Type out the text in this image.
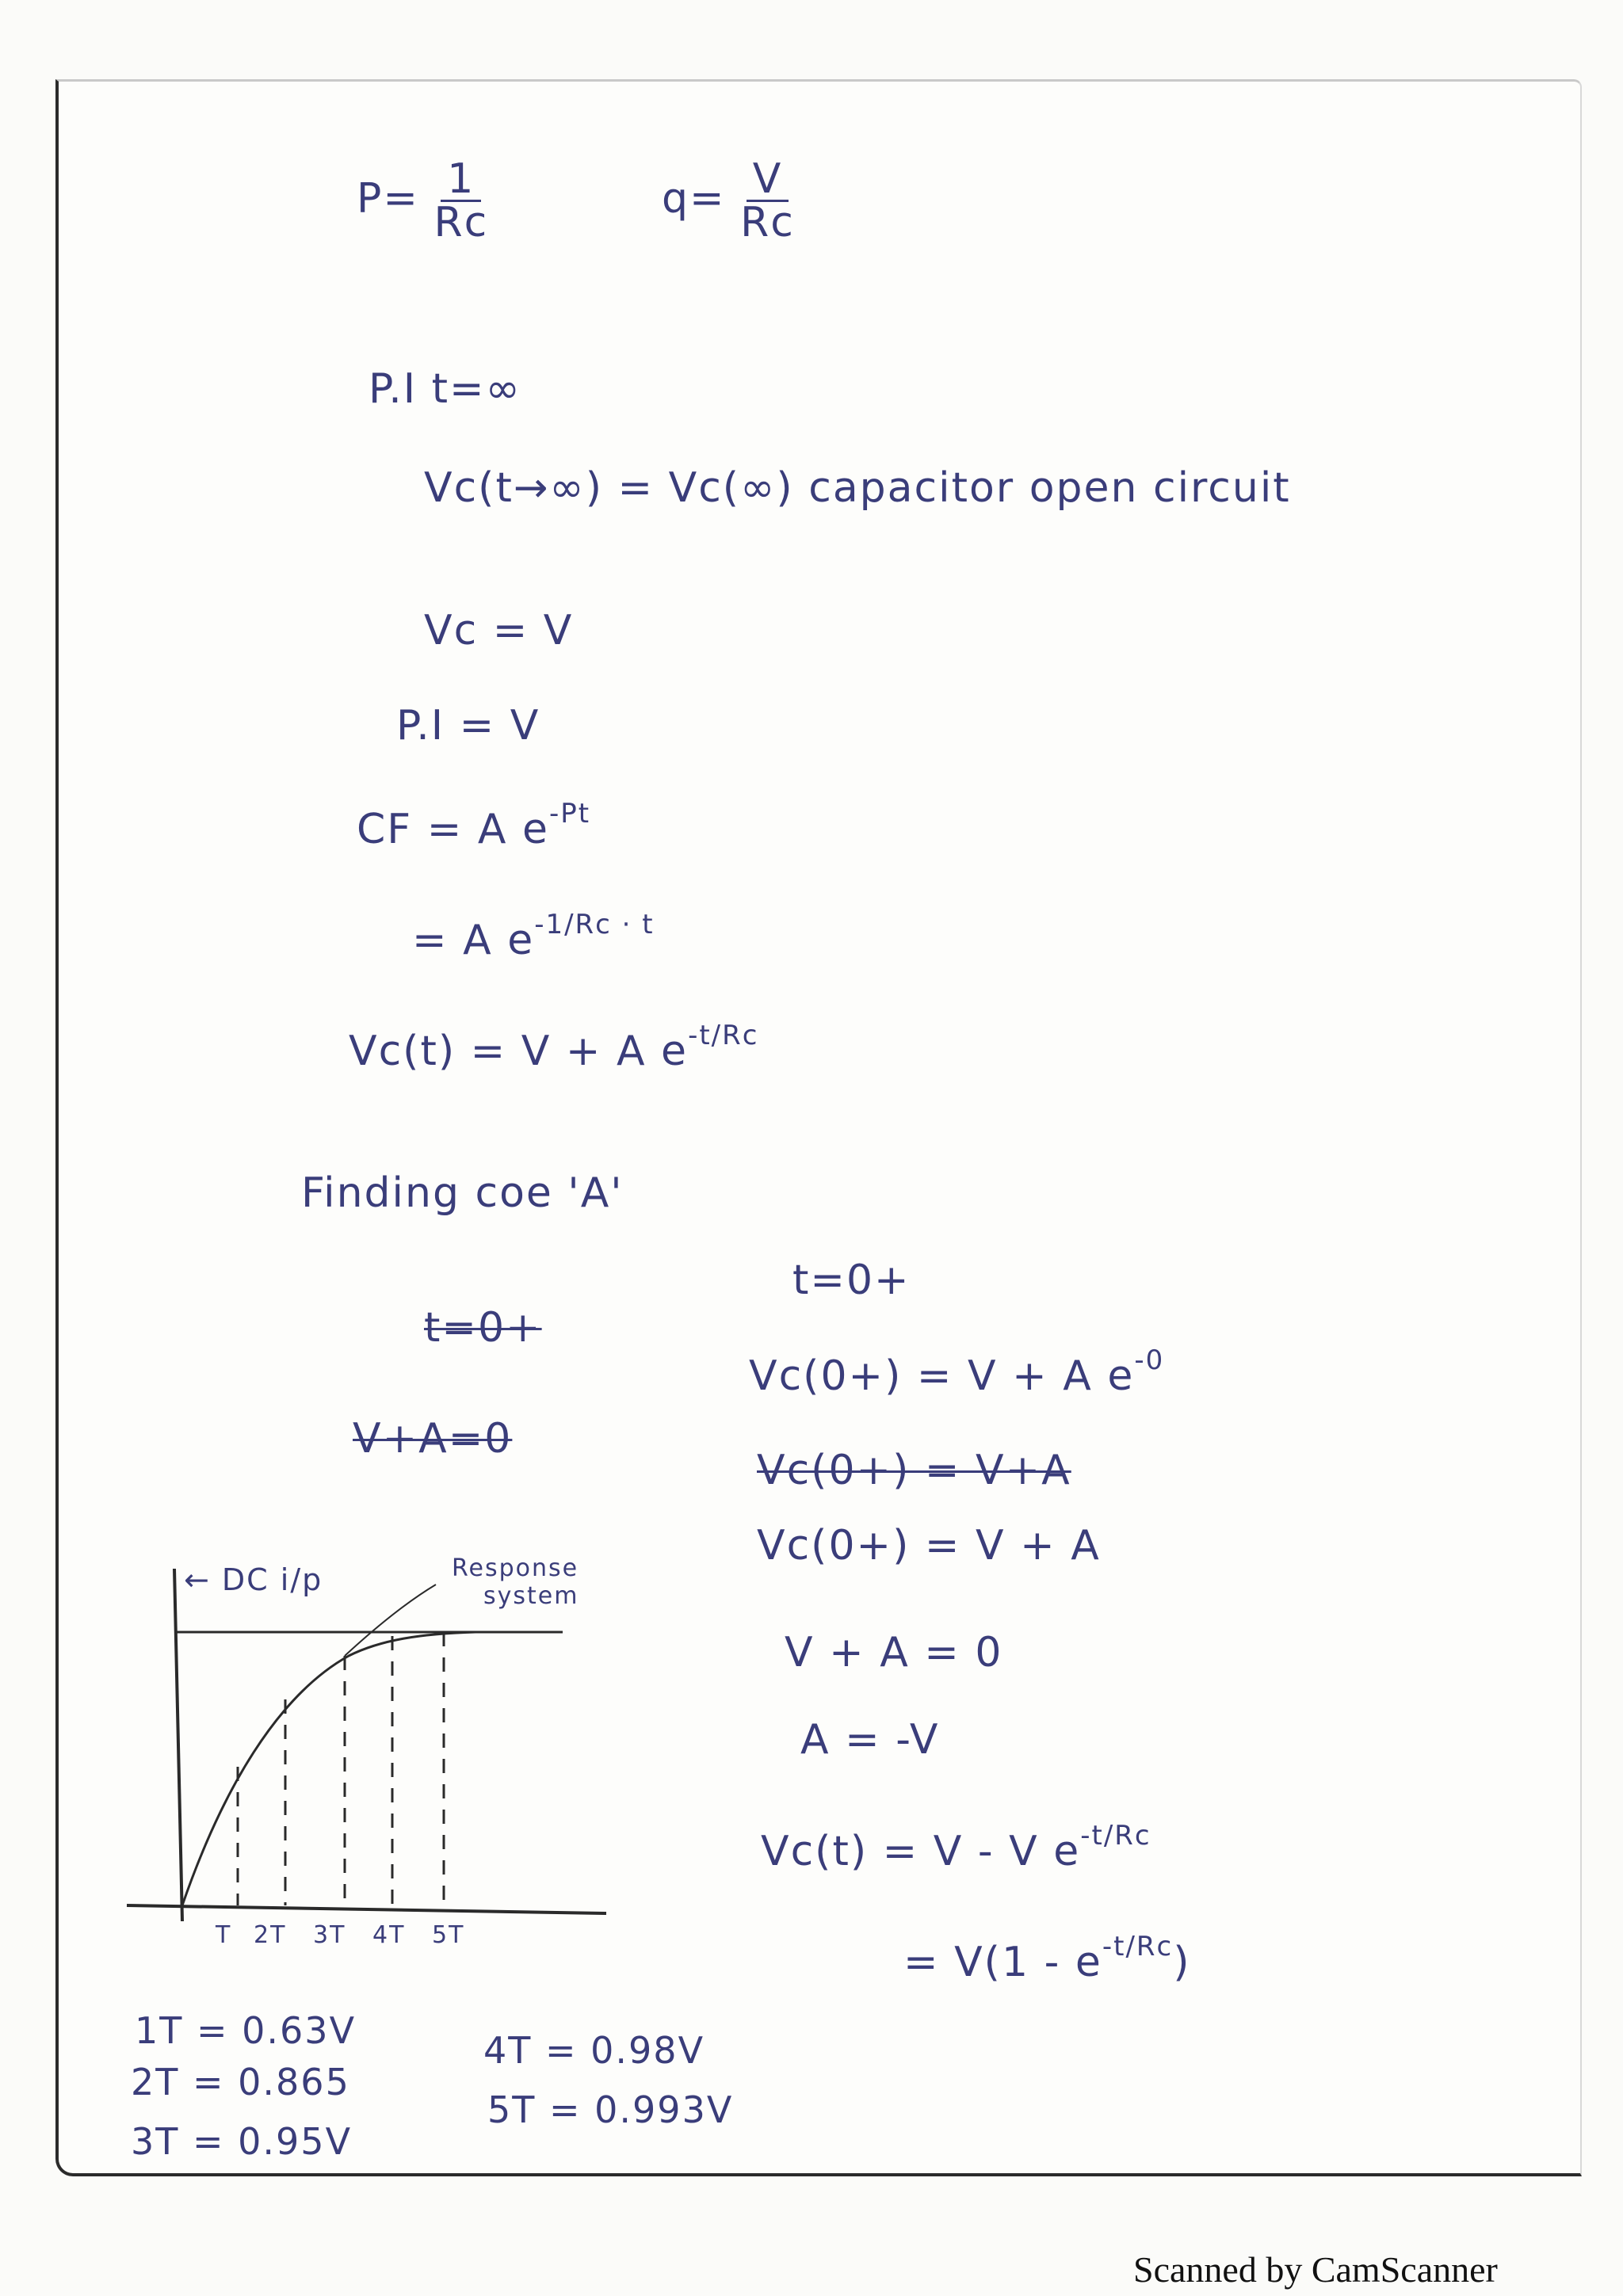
$P= \frac{1}{Rc}$	$q= \frac{V}{Rc}$
P.I t=∞
Vc(t→∞) = Vc(∞) capacitor open circuit
Vc = V
P.I = V
CF = A $e^{-Pt}$
= A $e^{-1/Rc \cdot t}$
Vc(t) = V + A $e^{-t/Rc}$
Finding coe 'A'
t=0+
V+A=0
t=0+
Vc(0+) = V + A $e^{-0}$
Vc(0+) = V+A
Vc(0+) = V + A
V + A = 0
A = -V
Vc(t) = V - V $e^{-t/Rc}$
= $V(1 - e^{-t/Rc})$
← DC i/p	Response
system
T 2T 3T 4T 5T
1T = 0.63V
2T = 0.865
3T = 0.95V
4T = 0.98V
5T = 0.993V
Scanned by CamScanner
